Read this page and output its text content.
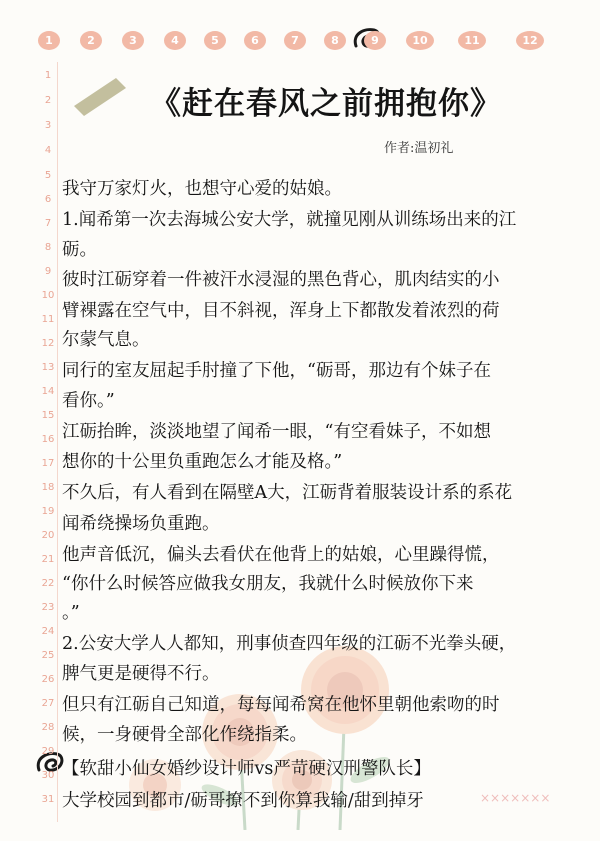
1	2	3	4	5	6	7	8	9	10	11	12
1
2
3
4
5
6
7
8
9
10
11
12
13
14
15
16
17
18
19
20
21
22
23
24
25
26
27
28
29
30
31	×××××××
《赶在春风之前拥抱你》
作者:温初礼
我守万家灯火，也想守心爱的姑娘。
1.闻希第一次去海城公安大学，就撞见刚从训练场出来的江
砺。
彼时江砺穿着一件被汗水浸湿的黑色背心，肌肉结实的小
臂裸露在空气中，目不斜视，浑身上下都散发着浓烈的荷
尔蒙气息。
同行的室友屈起手肘撞了下他，“砺哥，那边有个妹子在
看你。”
江砺抬眸，淡淡地望了闻希一眼，“有空看妹子，不如想
想你的十公里负重跑怎么才能及格。”
不久后，有人看到在隔壁A大，江砺背着服装设计系的系花
闻希绕操场负重跑。
他声音低沉，偏头去看伏在他背上的姑娘，心里躁得慌，
“你什么时候答应做我女朋友，我就什么时候放你下来
。”
2.公安大学人人都知，刑事侦查四年级的江砺不光拳头硬，
脾气更是硬得不行。
但只有江砺自己知道，每每闻希窝在他怀里朝他索吻的时
候，一身硬骨全部化作绕指柔。
【软甜小仙女婚纱设计师vs严苛硬汉刑警队长】
大学校园到都市/砺哥撩不到你算我输/甜到掉牙
